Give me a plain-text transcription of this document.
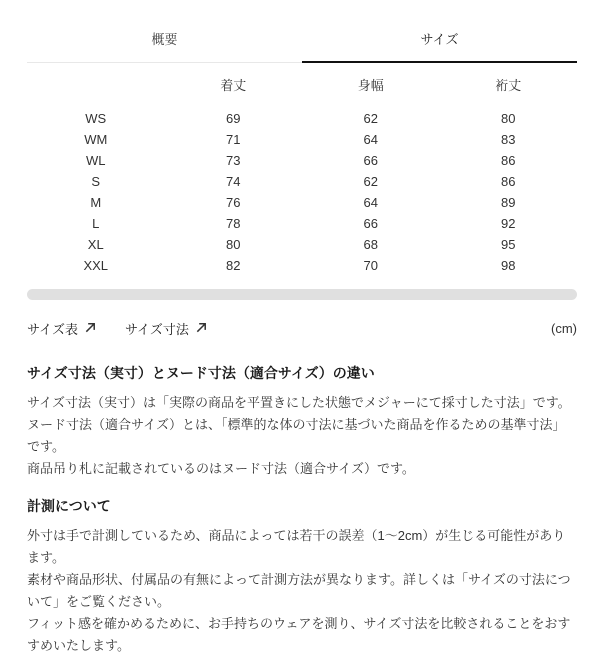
概要	サイズ
	着丈	身幅	裄丈
WS	69	62	80
WM	71	64	83
WL	73	66	86
S	74	62	86
M	76	64	89
L	78	66	92
XL	80	68	95
XXL	82	70	98
サイズ表	サイズ寸法	(cm)
サイズ寸法（実寸）とヌード寸法（適合サイズ）の違い

サイズ寸法（実寸）は「実際の商品を平置きにした状態でメジャーにて採寸した寸法」です。

ヌード寸法（適合サイズ）とは、「標準的な体の寸法に基づいた商品を作るための基準寸法」です。

商品吊り札に記載されているのはヌード寸法（適合サイズ）です。

計測について

外寸は手で計測しているため、商品によっては若干の誤差（1～2cm）が生じる可能性があります。

素材や商品形状、付属品の有無によって計測方法が異なります。詳しくは「サイズの寸法について」をご覧ください。

フィット感を確かめるために、お手持ちのウェアを測り、サイズ寸法を比較されることをおすすめいたします。
